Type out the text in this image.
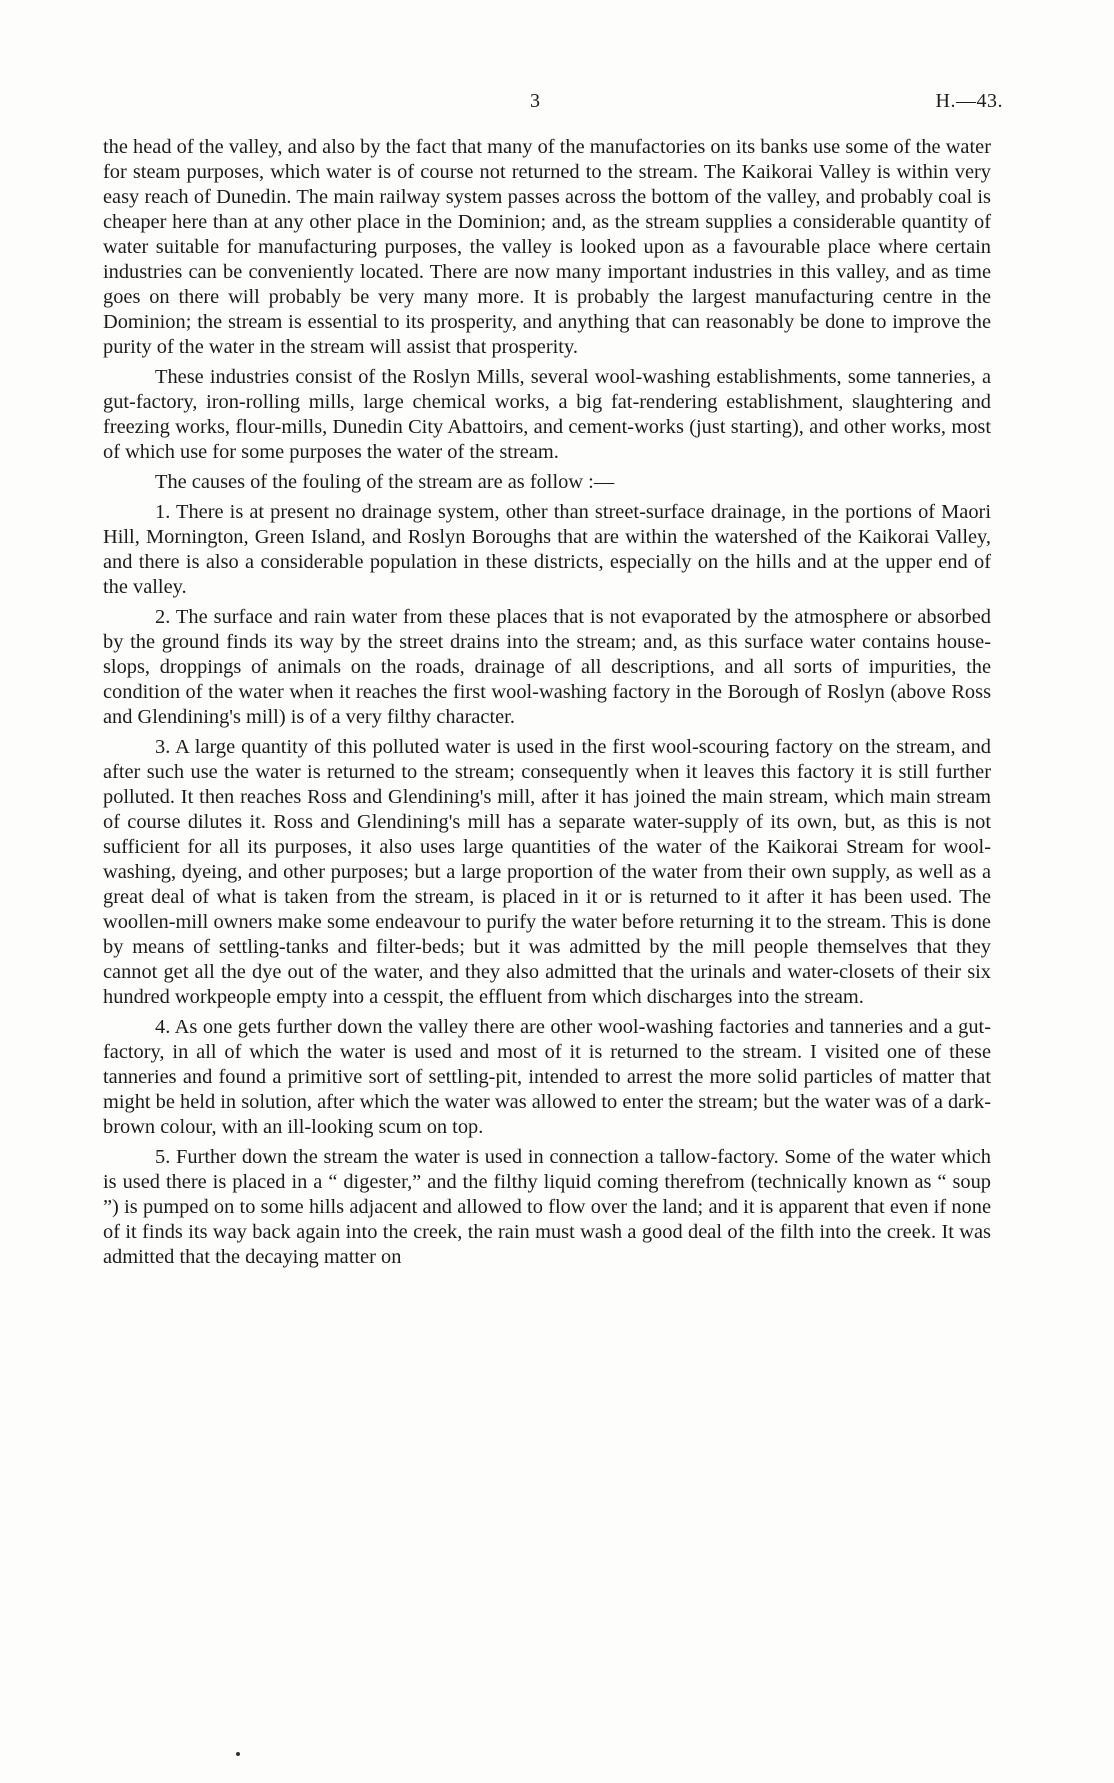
3	H.—43.

the head of the valley, and also by the fact that many of the manufactories on its banks use some of the water for steam purposes, which water is of course not returned to the stream. The Kaikorai Valley is within very easy reach of Dunedin. The main railway system passes across the bottom of the valley, and probably coal is cheaper here than at any other place in the Dominion; and, as the stream supplies a considerable quantity of water suitable for manufacturing purposes, the valley is looked upon as a favourable place where certain industries can be conveniently located. There are now many important industries in this valley, and as time goes on there will probably be very many more. It is probably the largest manufacturing centre in the Dominion; the stream is essential to its prosperity, and anything that can reasonably be done to improve the purity of the water in the stream will assist that prosperity.

These industries consist of the Roslyn Mills, several wool-washing establishments, some tanneries, a gut-factory, iron-rolling mills, large chemical works, a big fat-rendering establishment, slaughtering and freezing works, flour-mills, Dunedin City Abattoirs, and cement-works (just starting), and other works, most of which use for some purposes the water of the stream.

The causes of the fouling of the stream are as follow :—

1. There is at present no drainage system, other than street-surface drainage, in the portions of Maori Hill, Mornington, Green Island, and Roslyn Boroughs that are within the watershed of the Kaikorai Valley, and there is also a considerable population in these districts, especially on the hills and at the upper end of the valley.

2. The surface and rain water from these places that is not evaporated by the atmosphere or absorbed by the ground finds its way by the street drains into the stream; and, as this surface water contains house-slops, droppings of animals on the roads, drainage of all descriptions, and all sorts of impurities, the condition of the water when it reaches the first wool-washing factory in the Borough of Roslyn (above Ross and Glendining's mill) is of a very filthy character.

3. A large quantity of this polluted water is used in the first wool-scouring factory on the stream, and after such use the water is returned to the stream; consequently when it leaves this factory it is still further polluted. It then reaches Ross and Glendining's mill, after it has joined the main stream, which main stream of course dilutes it. Ross and Glendining's mill has a separate water-supply of its own, but, as this is not sufficient for all its purposes, it also uses large quantities of the water of the Kaikorai Stream for wool-washing, dyeing, and other purposes; but a large proportion of the water from their own supply, as well as a great deal of what is taken from the stream, is placed in it or is returned to it after it has been used. The woollen-mill owners make some endeavour to purify the water before returning it to the stream. This is done by means of settling-tanks and filter-beds; but it was admitted by the mill people themselves that they cannot get all the dye out of the water, and they also admitted that the urinals and water-closets of their six hundred workpeople empty into a cesspit, the effluent from which discharges into the stream.

4. As one gets further down the valley there are other wool-washing factories and tanneries and a gut-factory, in all of which the water is used and most of it is returned to the stream. I visited one of these tanneries and found a primitive sort of settling-pit, intended to arrest the more solid particles of matter that might be held in solution, after which the water was allowed to enter the stream; but the water was of a dark-brown colour, with an ill-looking scum on top.

5. Further down the stream the water is used in connection a tallow-factory. Some of the water which is used there is placed in a “ digester,” and the filthy liquid coming therefrom (technically known as “ soup ”) is pumped on to some hills adjacent and allowed to flow over the land; and it is apparent that even if none of it finds its way back again into the creek, the rain must wash a good deal of the filth into the creek. It was admitted that the decaying matter on
